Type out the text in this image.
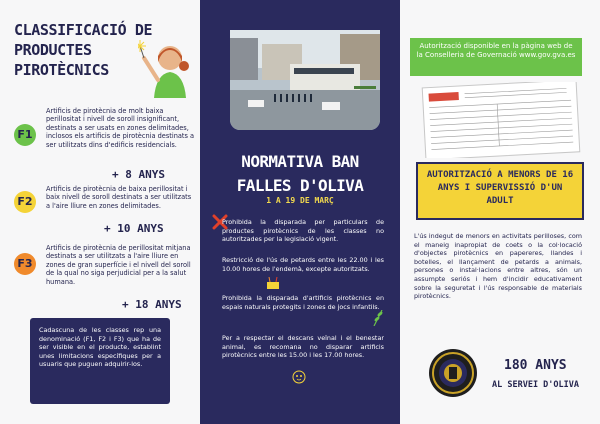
CLASSIFICACIÓ DE PRODUCTES PIROTÈCNICS
F1
Artificis de pirotècnia de molt baixa perillositat i nivell de soroll insignificant, destinats a ser usats en zones delimitades, inclosos els artificis de pirotècnia destinats a ser utilitzats dins d'edificis residencials.
+ 8 ANYS
F2
Artificis de pirotècnia de baixa perillositat i baix nivell de soroll destinats a ser utilitzats a l'aire lliure en zones delimitades.
+ 10 ANYS
F3
Artificis de pirotècnia de perillositat mitjana destinats a ser utilitzats a l'aire lliure en zones de gran superfície i el nivell del soroll de la qual no siga perjudicial per a la salut humana.
+ 18 ANYS
Cadascuna de les classes rep una denominació (F1, F2 i F3) que ha de ser visible en el producte, establint unes limitacions específiques per a usuaris que puguen adquirir-los.
NORMATIVA BAN
FALLES D'OLIVA
1 A 19 DE MARÇ
Prohibida la disparada per particulars de productes pirotècnics de les classes no autoritzades per la legislació vigent.
Restricció de l'ús de petards entre les 22.00 i les 10.00 hores de l'endemà, excepte autoritzats.
Prohibida la disparada d'artificis pirotècnics en espais naturals protegits i zones de jocs infantils.
Per a respectar el descans veïnal i el benestar animal, es recomana no disparar artificis pirotècnics entre les 15.00 i les 17.00 hores.
Autorització disponible en la pàgina web de la Conselleria de Governació www.gov.gva.es
AUTORITZACIÓ A MENORS DE 16 ANYS I SUPERVISSIÓ D'UN ADULT
L'ús indegut de menors en activitats perilloses, com el maneig inapropiat de coets o la col·locació d'objectes pirotècnics en papereres, llandes i botelles, el llançament de petards a animals, persones o instal·lacions entre altres, són un assumpte seriós i hem d'incidir educativament sobre la seguretat i l'ús responsable de materials pirotècnics.
180 ANYS
AL SERVEI D'OLIVA
